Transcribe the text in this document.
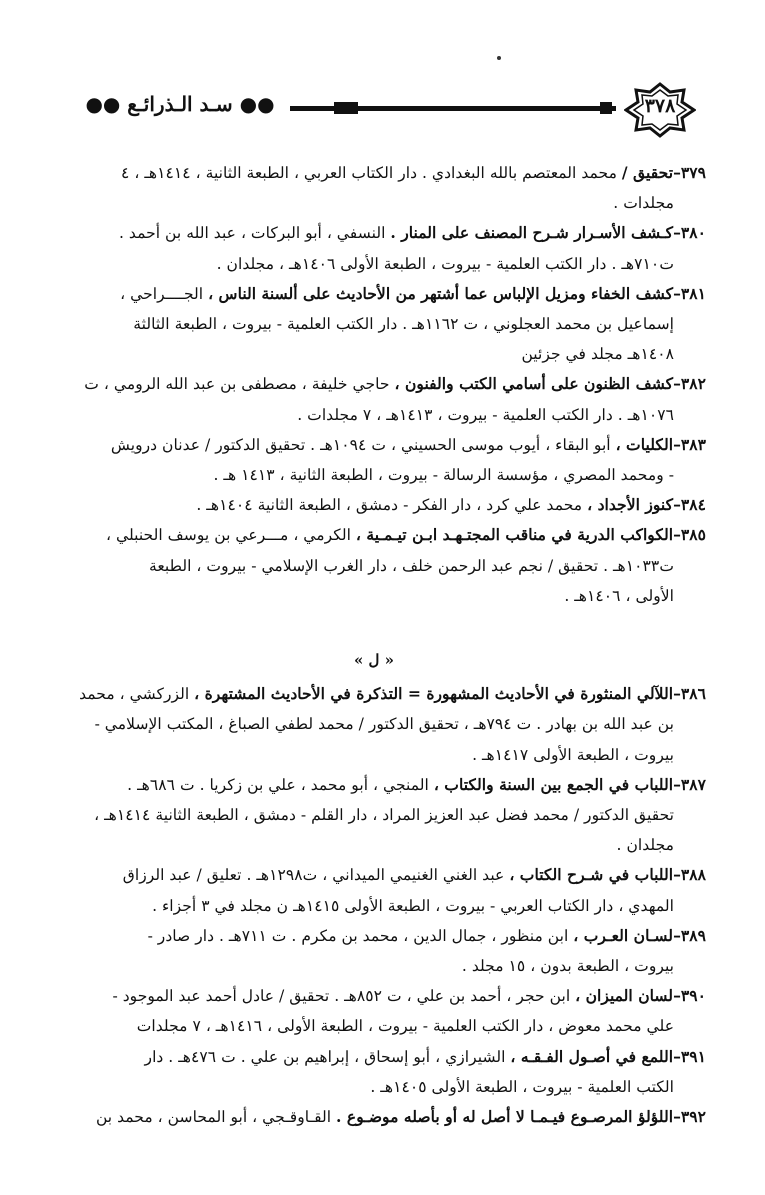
●● سـد الـذرائـع ●●	٣٧٨
٣٧٩–تحقيق / محمد المعتصم بالله البغدادي . دار الكتاب العربي ، الطبعة الثانية ، ١٤١٤هـ ، ٤
مجلدات .
٣٨٠–كـشف الأسـرار شـرح المصنف على المنار . النسفي ، أبو البركات ، عبد الله بن أحمد .
ت٧١٠هـ . دار الكتب العلمية - بيروت ، الطبعة الأولى ١٤٠٦هـ ، مجلدان .
٣٨١–كشف الخفاء ومزيل الإلباس عما أشتهر من الأحاديث على ألسنة الناس ، الجــــراحي ،
إسماعيل بن محمد العجلوني ، ت ١١٦٢هـ . دار الكتب العلمية - بيروت ، الطبعة الثالثة
١٤٠٨هـ مجلد في جزئين
٣٨٢–كشف الظنون على أسامي الكتب والفنون ، حاجي خليفة ، مصطفى بن عبد الله الرومي ، ت
١٠٧٦هـ . دار الكتب العلمية - بيروت ، ١٤١٣هـ ، ٧ مجلدات .
٣٨٣–الكليات ، أبو البقاء ، أيوب موسى الحسيني ، ت ١٠٩٤هـ . تحقيق الدكتور / عدنان درويش
- ومحمد المصري ، مؤسسة الرسالة - بيروت ، الطبعة الثانية ، ١٤١٣ هـ .
٣٨٤–كنوز الأجداد ، محمد علي كرد ، دار الفكر - دمشق ، الطبعة الثانية ١٤٠٤هـ .
٣٨٥–الكواكب الدرية في مناقب المجتـهـد ابـن تيـمـية ، الكرمي ، مـــرعي بن يوسف الحنبلي ،
ت١٠٣٣هـ . تحقيق / نجم عبد الرحمن خلف ، دار الغرب الإسلامي - بيروت ، الطبعة
الأولى ، ١٤٠٦هـ .
« ل »
٣٨٦–اللآلي المنثورة في الأحاديث المشهورة = التذكرة في الأحاديث المشتهرة ، الزركشي ، محمد
بن عبد الله بن بهادر . ت ٧٩٤هـ ، تحقيق الدكتور / محمد لطفي الصباغ ، المكتب الإسلامي -
بيروت ، الطبعة الأولى ١٤١٧هـ .
٣٨٧–اللباب في الجمع بين السنة والكتاب ، المنجي ، أبو محمد ، علي بن زكريا . ت ٦٨٦هـ .
تحقيق الدكتور / محمد فضل عبد العزيز المراد ، دار القلم - دمشق ، الطبعة الثانية ١٤١٤هـ ،
مجلدان .
٣٨٨–اللباب في شـرح الكتاب ، عبد الغني الغنيمي الميداني ، ت١٢٩٨هـ . تعليق / عبد الرزاق
المهدي ، دار الكتاب العربي - بيروت ، الطبعة الأولى ١٤١٥هـ ن مجلد في ٣ أجزاء .
٣٨٩–لسـان العـرب ، ابن منظور ، جمال الدين ، محمد بن مكرم . ت ٧١١هـ . دار صادر -
بيروت ، الطبعة بدون ، ١٥ مجلد .
٣٩٠–لسان الميزان ، ابن حجر ، أحمد بن علي ، ت ٨٥٢هـ . تحقيق / عادل أحمد عبد الموجود -
علي محمد معوض ، دار الكتب العلمية - بيروت ، الطبعة الأولى ، ١٤١٦هـ ، ٧ مجلدات
٣٩١–اللمع في أصـول الفـقـه ، الشيرازي ، أبو إسحاق ، إبراهيم بن علي . ت ٤٧٦هـ . دار
الكتب العلمية - بيروت ، الطبعة الأولى ١٤٠٥هـ .
٣٩٢–اللؤلؤ المرصـوع فيـمـا لا أصل له أو بأصله موضـوع . القـاوقـجي ، أبو المحاسن ، محمد بن
